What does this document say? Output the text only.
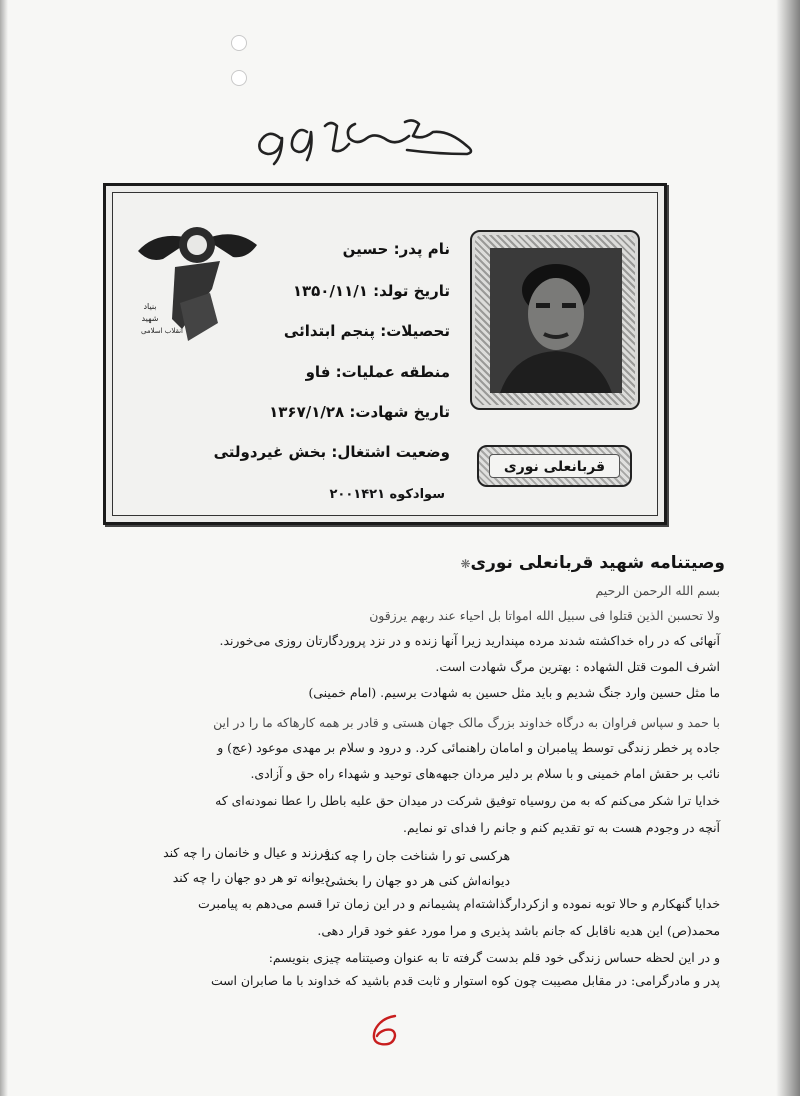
بنیاد
شهید
انقلاب اسلامی
نام پدر: حسین
تاریخ تولد: ۱۳۵۰/۱۱/۱
تحصیلات: پنجم ابتدائی
منطقه عملیات: فاو
تاریخ شهادت: ۱۳۶۷/۱/۲۸
وضعیت اشتغال: بخش غیردولتی
قربانعلی نوری
سوادکوه ۲۰۰۱۴۲۱
وصیتنامه شهید قربانعلی نوری❋
بسم الله الرحمن الرحیم
ولا تحسبن الذین قتلوا فی سبیل الله امواتا بل احیاء عند ربهم یرزقون
آنهائی که در راه خداکشته شدند مرده مپندارید زیرا آنها زنده و در نزد پروردگارتان روزی می‌خورند.
اشرف الموت قتل الشهاده : بهترین مرگ شهادت است.
ما مثل حسین وارد جنگ شدیم و باید مثل حسین به شهادت برسیم. (امام خمینی)
با حمد و سپاس فراوان به درگاه خداوند بزرگ مالک جهان هستی و قادر بر همه کارهاکه ما را در این
جاده پر خطر زندگی توسط پیامبران و امامان راهنمائی کرد. و درود و سلام بر مهدی موعود (عج) و
نائب بر حقش امام خمینی و با سلام بر دلیر مردان جبهه‌های توحید و شهداء راه حق و آزادی.
خدایا ترا شکر می‌کنم که به من روسیاه توفیق شرکت در میدان حق علیه باطل را عطا نمودنه‌ای که
آنچه در وجودم هست به تو تقدیم کنم و جانم را فدای تو نمایم.
هرکسی تو را شناخت جان را چه کند
فرزند و عیال و خانمان را چه کند
دیوانه‌اش کنی هر دو جهان را بخشی
دیوانه تو هر دو جهان را چه کند
خدایا گنهکارم و حالا توبه نموده و ازکردارگذاشته‌ام پشیمانم و در این زمان ترا قسم می‌دهم به پیامبرت
محمد(ص) این هدیه ناقابل که جانم باشد پذیری و مرا مورد عفو خود قرار دهی.
و در این لحظه حساس زندگی خود قلم بدست گرفته تا به عنوان وصیتنامه چیزی بنویسم:
پدر و مادرگرامی: در مقابل مصیبت چون کوه استوار و ثابت قدم باشید که خداوند با ما صابران است
6
